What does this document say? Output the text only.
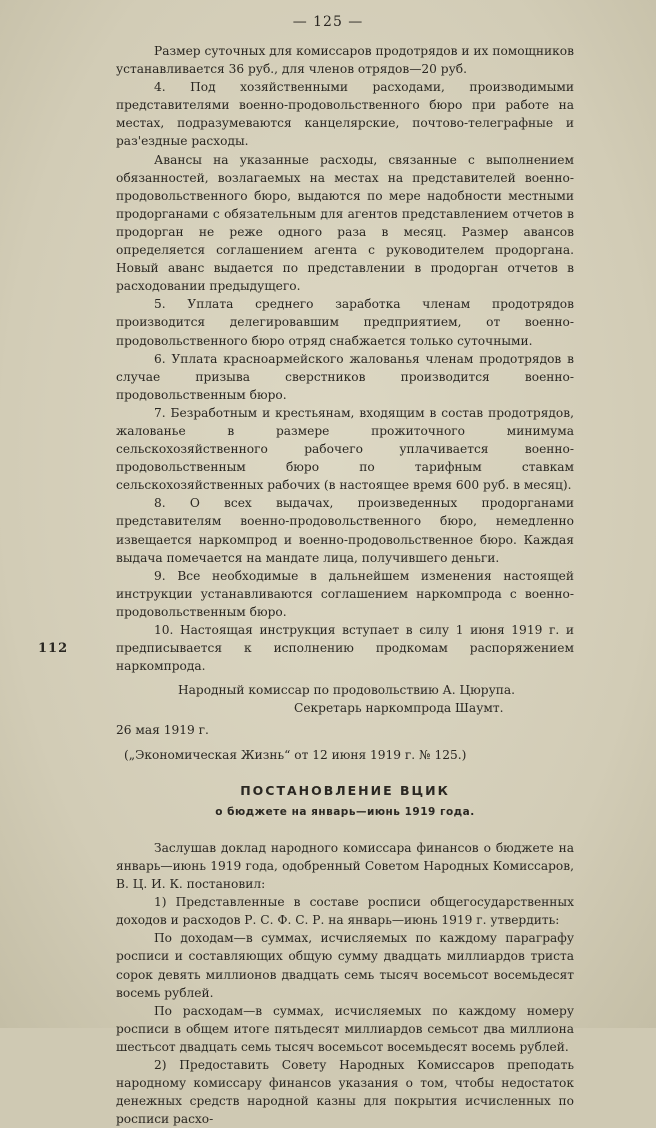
— 125 —

Размер суточных для комиссаров продотрядов и их помощников устанавливается 36 руб., для членов отрядов—20 руб.

4. Под хозяйственными расходами, производимыми представителями военно-продовольственного бюро при работе на местах, подразумеваются канцелярские, почтово-телеграфные и раз'ездные расходы.

Авансы на указанные расходы, связанные с выполнением обязанностей, возлагаемых на местах на представителей военно-продовольственного бюро, выдаются по мере надобности местными продорганами с обязательным для агентов представлением отчетов в продорган не реже одного раза в месяц. Размер авансов определяется соглашением агента с руководителем продоргана. Новый аванс выдается по представлении в продорган отчетов в расходовании предыдущего.

5. Уплата среднего заработка членам продотрядов производится делегировавшим предприятием, от военно-продовольственного бюро отряд снабжается только суточными.

6. Уплата красноармейского жалованья членам продотрядов в случае призыва сверстников производится военно-продовольственным бюро.

7. Безработным и крестьянам, входящим в состав продотрядов, жалованье в размере прожиточного минимума сельскохозяйственного рабочего уплачивается военно-продовольственным бюро по тарифным ставкам сельскохозяйственных рабочих (в настоящее время 600 руб. в месяц).

8. О всех выдачах, произведенных продорганами представителям военно-продовольственного бюро, немедленно извещается наркомпрод и военно-продовольственное бюро. Каждая выдача помечается на мандате лица, получившего деньги.

9. Все необходимые в дальнейшем изменения настоящей инструкции устанавливаются соглашением наркомпрода с военно-продовольственным бюро.

10. Настоящая инструкция вступает в силу 1 июня 1919 г. и предписывается к исполнению продкомам распоряжением наркомпрода.

Народный комиссар по продовольствию А. Цюрупа.

Секретарь наркомпрода Шаумт.

26 мая 1919 г.

(„Экономическая Жизнь“ от 12 июня 1919 г. № 125.)

ПОСТАНОВЛЕНИЕ ВЦИК

о бюджете на январь—июнь 1919 года.

Заслушав доклад народного комиссара финансов о бюджете на январь—июнь 1919 года, одобренный Советом Народных Комиссаров, В. Ц. И. К. постановил:

1) Представленные в составе росписи общегосударственных доходов и расходов Р. С. Ф. С. Р. на январь—июнь 1919 г. утвердить:

По доходам—в суммах, исчисляемых по каждому параграфу росписи и составляющих общую сумму двадцать миллиардов триста сорок девять миллионов двадцать семь тысяч восемьсот восемьдесят восемь рублей.

По расходам—в суммах, исчисляемых по каждому номеру росписи в общем итоге пятьдесят миллиардов семьсот два миллиона шестьсот двадцать семь тысяч восемьсот восемьдесят восемь рублей.

2) Предоставить Совету Народных Комиссаров преподать народному комиссару финансов указания о том, чтобы недостаток денежных средств народной казны для покрытия исчисленных по росписи расхо-

112
